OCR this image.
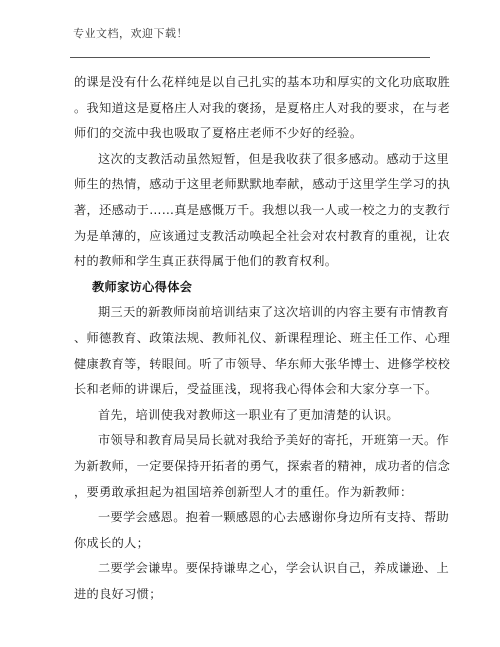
专业文档，欢迎下载！
的课是没有什么花样纯是以自己扎实的基本功和厚实的文化功底取胜
。我知道这是夏格庄人对我的褒扬，是夏格庄人对我的要求，在与老
师们的交流中我也吸取了夏格庄老师不少好的经验。
这次的支教活动虽然短暂，但是我收获了很多感动。感动于这里
师生的热情，感动于这里老师默默地奉献，感动于这里学生学习的执
著，还感动于……真是感慨万千。我想以我一人或一校之力的支教行
为是单薄的，应该通过支教活动唤起全社会对农村教育的重视，让农
村的教师和学生真正获得属于他们的教育权利。
教师家访心得体会
期三天的新教师岗前培训结束了这次培训的内容主要有市情教育
、师德教育、政策法规、教师礼仪、新课程理论、班主任工作、心理
健康教育等，转眼间。听了市领导、华东师大张华博士、进修学校校
长和老师的讲课后，受益匪浅，现将我心得体会和大家分享一下。
首先，培训使我对教师这一职业有了更加清楚的认识。
市领导和教育局吴局长就对我给予美好的寄托，开班第一天。作
为新教师，一定要保持开拓者的勇气，探索者的精神，成功者的信念
，要勇敢承担起为祖国培养创新型人才的重任。作为新教师：
一要学会感恩。抱着一颗感恩的心去感谢你身边所有支持、帮助
你成长的人；
二要学会谦卑。要保持谦卑之心，学会认识自己，养成谦逊、上
进的良好习惯；
